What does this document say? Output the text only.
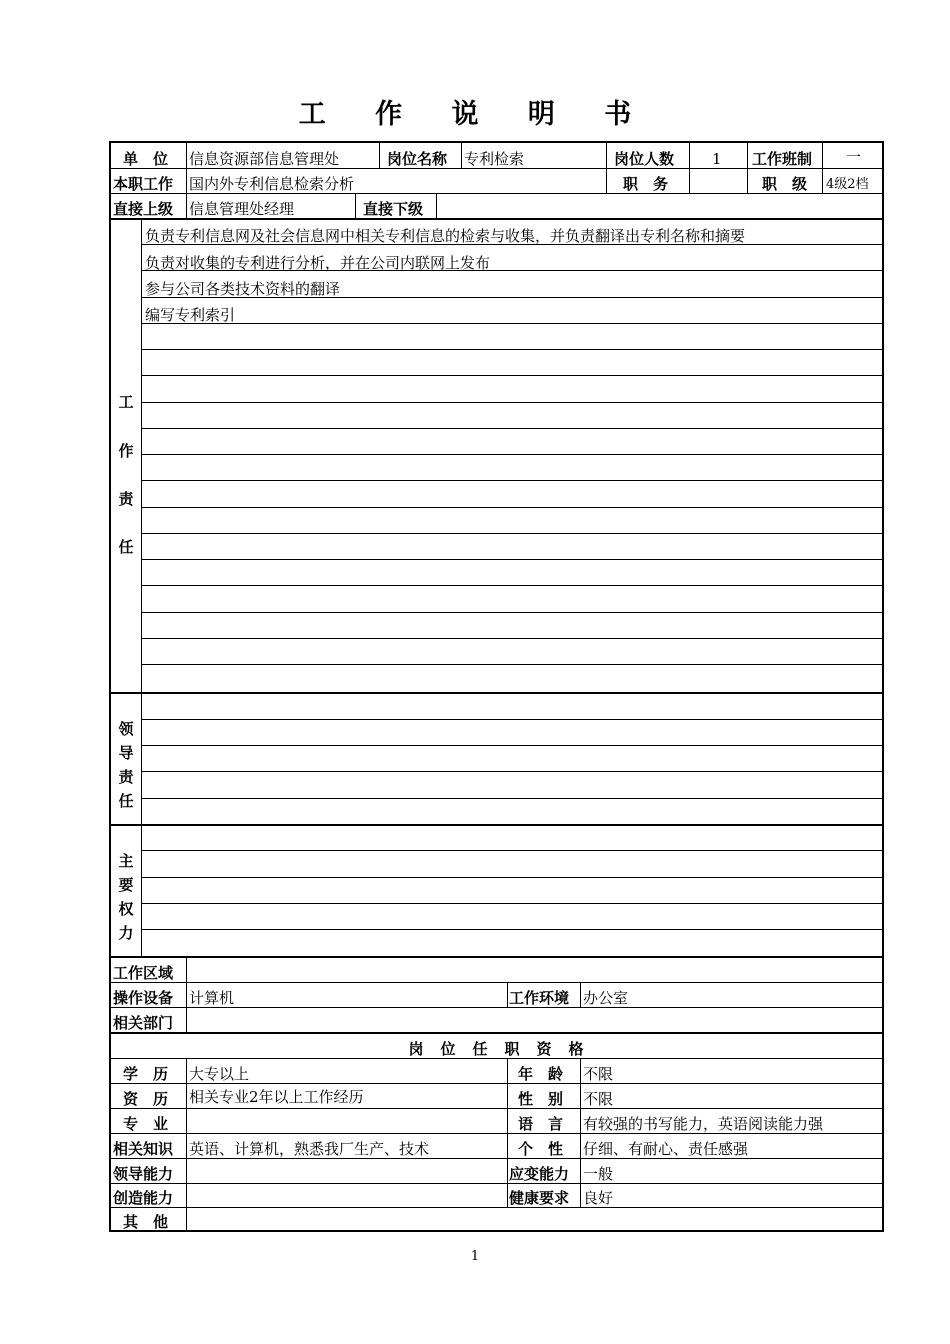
工 作 说 明 书
单　位 信息资源部信息管理处	岗位名称 专利检索	岗位人数	1 工作班制 一
本职工作 国内外专利信息检索分析	职　务	职　级 4级2档
直接上级 信息管理处经理	直接下级
工
作
责
任
负责专利信息网及社会信息网中相关专利信息的检索与收集，并负责翻译出专利名称和摘要
负责对收集的专利进行分析，并在公司内联网上发布
参与公司各类技术资料的翻译
编写专利索引
领
导
责
任
主
要
权
力
工作区域
操作设备 计算机	工作环境 办公室
相关部门
岗　位　任　职　资　格
学　历 大专以上	年　龄 不限
资　历 相关专业2年以上工作经历	性　别 不限
专　业	语　言 有较强的书写能力，英语阅读能力强
相关知识 英语、计算机，熟悉我厂生产、技术	个　性 仔细、有耐心、责任感强
领导能力	应变能力 一般
创造能力	健康要求 良好
其　他
1
